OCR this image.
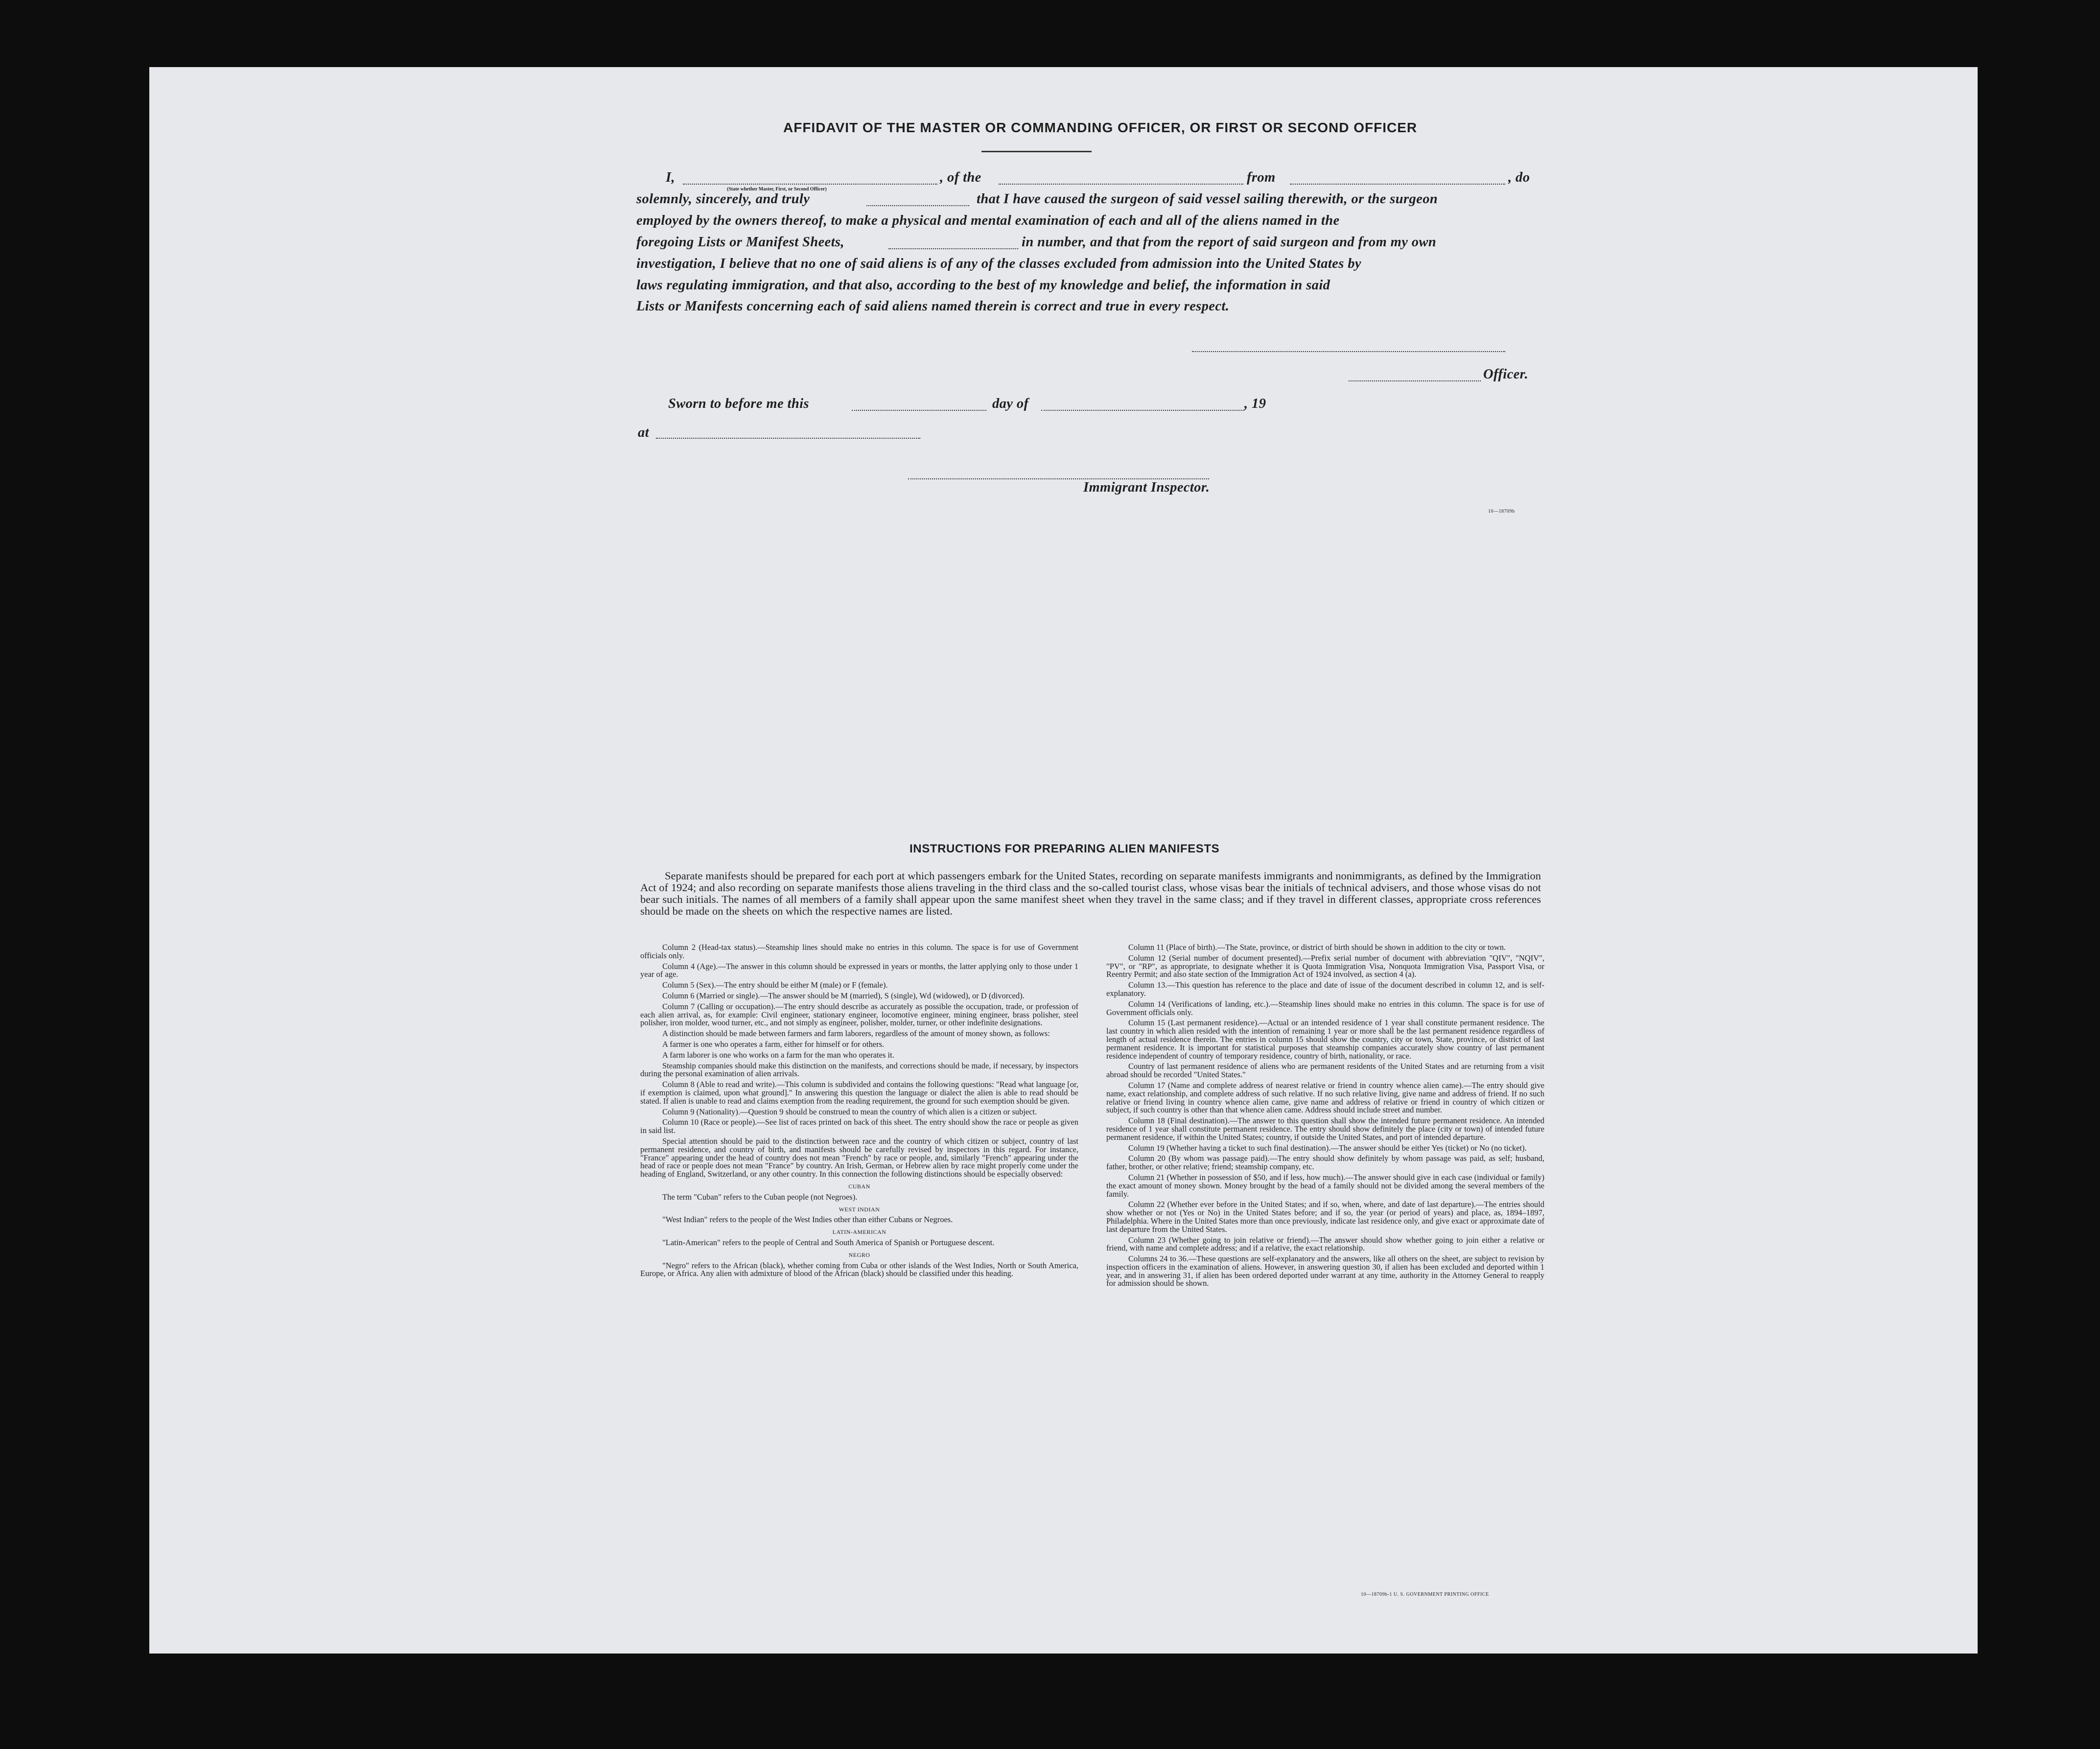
AFFIDAVIT OF THE MASTER OR COMMANDING OFFICER, OR FIRST OR SECOND OFFICER
I,	, of the	from	, do
(State whether Master, First, or Second Officer)
solemnly, sincerely, and truly	that I have caused the surgeon of said vessel sailing therewith, or the surgeon
employed by the owners thereof, to make a physical and mental examination of each and all of the aliens named in the
foregoing Lists or Manifest Sheets,	in number, and that from the report of said surgeon and from my own
investigation, I believe that no one of said aliens is of any of the classes excluded from admission into the United States by
laws regulating immigration, and that also, according to the best of my knowledge and belief, the information in said
Lists or Manifests concerning each of said aliens named therein is correct and true in every respect.
Officer.
Sworn to before me this	day of	, 19
at
Immigrant Inspector.
10—18709b
INSTRUCTIONS FOR PREPARING ALIEN MANIFESTS
Separate manifests should be prepared for each port at which passengers embark for the United States, recording on separate manifests immigrants and nonimmigrants, as defined by the Immigration Act of 1924; and also recording on separate manifests those aliens traveling in the third class and the so-called tourist class, whose visas bear the initials of technical advisers, and those whose visas do not bear such initials. The names of all members of a family shall appear upon the same manifest sheet when they travel in the same class; and if they travel in different classes, appropriate cross references should be made on the sheets on which the respective names are listed.

Column 2 (Head-tax status).—Steamship lines should make no entries in this column. The space is for use of Government officials only.

Column 4 (Age).—The answer in this column should be expressed in years or months, the latter applying only to those under 1 year of age.

Column 5 (Sex).—The entry should be either M (male) or F (female).

Column 6 (Married or single).—The answer should be M (married), S (single), Wd (widowed), or D (divorced).

Column 7 (Calling or occupation).—The entry should describe as accurately as possible the occupation, trade, or profession of each alien arrival, as, for example: Civil engineer, stationary engineer, locomotive engineer, mining engineer, brass polisher, steel polisher, iron molder, wood turner, etc., and not simply as engineer, polisher, molder, turner, or other indefinite designations.

A distinction should be made between farmers and farm laborers, regardless of the amount of money shown, as follows:

A farmer is one who operates a farm, either for himself or for others.

A farm laborer is one who works on a farm for the man who operates it.

Steamship companies should make this distinction on the manifests, and corrections should be made, if necessary, by inspectors during the personal examination of alien arrivals.

Column 8 (Able to read and write).—This column is subdivided and contains the following questions: "Read what language [or, if exemption is claimed, upon what ground]." In answering this question the language or dialect the alien is able to read should be stated. If alien is unable to read and claims exemption from the reading requirement, the ground for such exemption should be given.

Column 9 (Nationality).—Question 9 should be construed to mean the country of which alien is a citizen or subject.

Column 10 (Race or people).—See list of races printed on back of this sheet. The entry should show the race or people as given in said list.

Special attention should be paid to the distinction between race and the country of which citizen or subject, country of last permanent residence, and country of birth, and manifests should be carefully revised by inspectors in this regard. For instance, "France" appearing under the head of country does not mean "French" by race or people, and, similarly "French" appearing under the head of race or people does not mean "France" by country. An Irish, German, or Hebrew alien by race might properly come under the heading of England, Switzerland, or any other country. In this connection the following distinctions should be especially observed:

CUBAN

The term "Cuban" refers to the Cuban people (not Negroes).

WEST INDIAN

"West Indian" refers to the people of the West Indies other than either Cubans or Negroes.

LATIN-AMERICAN

"Latin-American" refers to the people of Central and South America of Spanish or Portuguese descent.

NEGRO

"Negro" refers to the African (black), whether coming from Cuba or other islands of the West Indies, North or South America, Europe, or Africa. Any alien with admixture of blood of the African (black) should be classified under this heading.

Column 11 (Place of birth).—The State, province, or district of birth should be shown in addition to the city or town.

Column 12 (Serial number of document presented).—Prefix serial number of document with abbreviation "QIV", "NQIV", "PV", or "RP", as appropriate, to designate whether it is Quota Immigration Visa, Nonquota Immigration Visa, Passport Visa, or Reentry Permit; and also state section of the Immigration Act of 1924 involved, as section 4 (a).

Column 13.—This question has reference to the place and date of issue of the document described in column 12, and is self-explanatory.

Column 14 (Verifications of landing, etc.).—Steamship lines should make no entries in this column. The space is for use of Government officials only.

Column 15 (Last permanent residence).—Actual or an intended residence of 1 year shall constitute permanent residence. The last country in which alien resided with the intention of remaining 1 year or more shall be the last permanent residence regardless of length of actual residence therein. The entries in column 15 should show the country, city or town, State, province, or district of last permanent residence. It is important for statistical purposes that steamship companies accurately show country of last permanent residence independent of country of temporary residence, country of birth, nationality, or race.

Country of last permanent residence of aliens who are permanent residents of the United States and are returning from a visit abroad should be recorded "United States."

Column 17 (Name and complete address of nearest relative or friend in country whence alien came).—The entry should give name, exact relationship, and complete address of such relative. If no such relative living, give name and address of friend. If no such relative or friend living in country whence alien came, give name and address of relative or friend in country of which citizen or subject, if such country is other than that whence alien came. Address should include street and number.

Column 18 (Final destination).—The answer to this question shall show the intended future permanent residence. An intended residence of 1 year shall constitute permanent residence. The entry should show definitely the place (city or town) of intended future permanent residence, if within the United States; country, if outside the United States, and port of intended departure.

Column 19 (Whether having a ticket to such final destination).—The answer should be either Yes (ticket) or No (no ticket).

Column 20 (By whom was passage paid).—The entry should show definitely by whom passage was paid, as self; husband, father, brother, or other relative; friend; steamship company, etc.

Column 21 (Whether in possession of $50, and if less, how much).—The answer should give in each case (individual or family) the exact amount of money shown. Money brought by the head of a family should not be divided among the several members of the family.

Column 22 (Whether ever before in the United States; and if so, when, where, and date of last departure).—The entries should show whether or not (Yes or No) in the United States before; and if so, the year (or period of years) and place, as, 1894–1897, Philadelphia. Where in the United States more than once previously, indicate last residence only, and give exact or approximate date of last departure from the United States.

Column 23 (Whether going to join relative or friend).—The answer should show whether going to join either a relative or friend, with name and complete address; and if a relative, the exact relationship.

Columns 24 to 36.—These questions are self-explanatory and the answers, like all others on the sheet, are subject to revision by inspection officers in the examination of aliens. However, in answering question 30, if alien has been excluded and deported within 1 year, and in answering 31, if alien has been ordered deported under warrant at any time, authority in the Attorney General to reapply for admission should be shown.

10—18709b-1 U. S. GOVERNMENT PRINTING OFFICE
